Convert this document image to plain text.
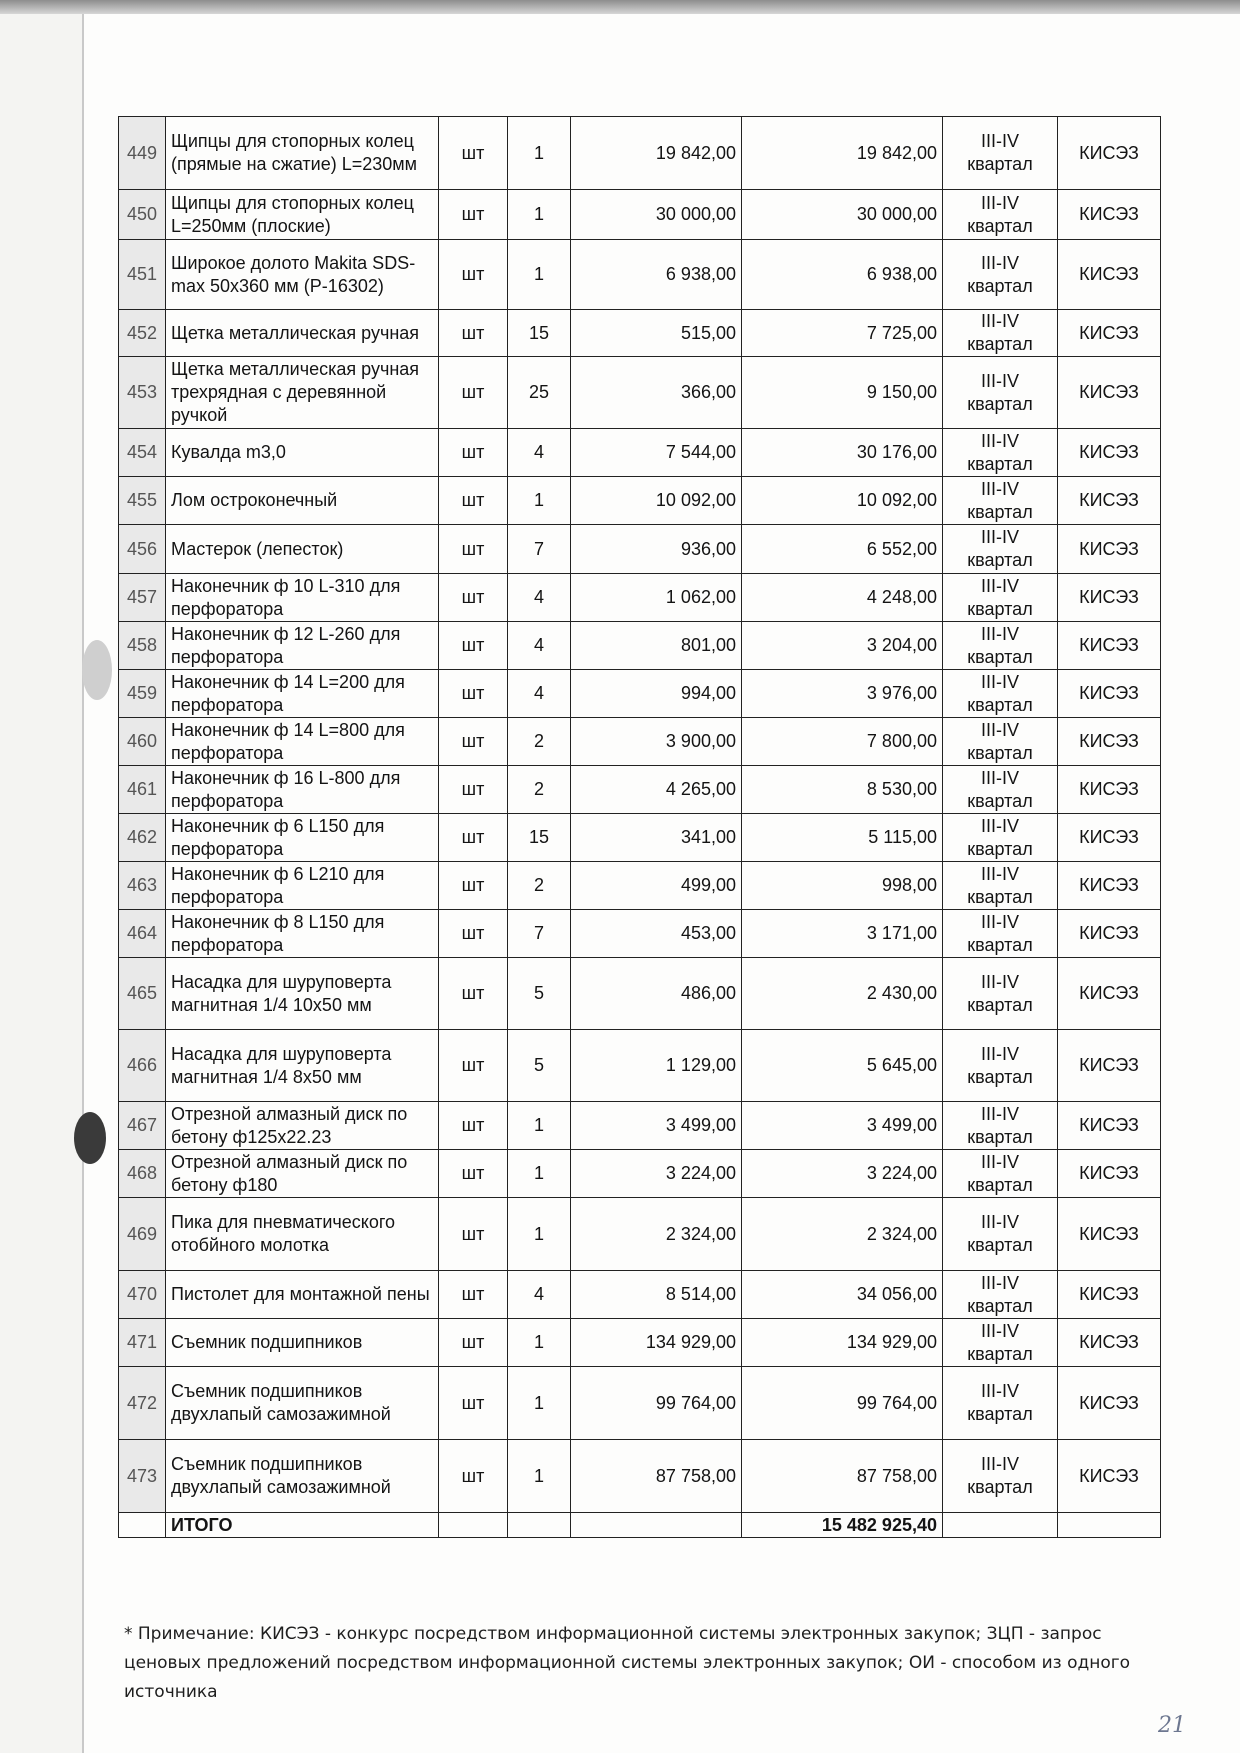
449	Щипцы для стопорных колец (прямые на сжатие) L=230мм	шт	1	19 842,00	19 842,00	III-IV квартал	КИСЭЗ
450	Щипцы для стопорных колец L=250мм (плоские)	шт	1	30 000,00	30 000,00	III-IV квартал	КИСЭЗ
451	Широкое долото Makita SDS-max 50x360 мм (P-16302)	шт	1	6 938,00	6 938,00	III-IV квартал	КИСЭЗ
452	Щетка металлическая ручная	шт	15	515,00	7 725,00	III-IV квартал	КИСЭЗ
453	Щетка металлическая ручная трехрядная с деревянной ручкой	шт	25	366,00	9 150,00	III-IV квартал	КИСЭЗ
454	Кувалда m3,0	шт	4	7 544,00	30 176,00	III-IV квартал	КИСЭЗ
455	Лом остроконечный	шт	1	10 092,00	10 092,00	III-IV квартал	КИСЭЗ
456	Мастерок (лепесток)	шт	7	936,00	6 552,00	III-IV квартал	КИСЭЗ
457	Наконечник ф 10 L-310 для перфоратора	шт	4	1 062,00	4 248,00	III-IV квартал	КИСЭЗ
458	Наконечник ф 12 L-260 для перфоратора	шт	4	801,00	3 204,00	III-IV квартал	КИСЭЗ
459	Наконечник ф 14 L=200 для перфоратора	шт	4	994,00	3 976,00	III-IV квартал	КИСЭЗ
460	Наконечник ф 14 L=800 для перфоратора	шт	2	3 900,00	7 800,00	III-IV квартал	КИСЭЗ
461	Наконечник ф 16 L-800 для перфоратора	шт	2	4 265,00	8 530,00	III-IV квартал	КИСЭЗ
462	Наконечник ф 6 L150 для перфоратора	шт	15	341,00	5 115,00	III-IV квартал	КИСЭЗ
463	Наконечник ф 6 L210 для перфоратора	шт	2	499,00	998,00	III-IV квартал	КИСЭЗ
464	Наконечник ф 8 L150 для перфоратора	шт	7	453,00	3 171,00	III-IV квартал	КИСЭЗ
465	Насадка для шуруповерта магнитная 1/4 10x50 мм	шт	5	486,00	2 430,00	III-IV квартал	КИСЭЗ
466	Насадка для шуруповерта магнитная 1/4 8x50 мм	шт	5	1 129,00	5 645,00	III-IV квартал	КИСЭЗ
467	Отрезной алмазный диск по бетону ф125x22.23	шт	1	3 499,00	3 499,00	III-IV квартал	КИСЭЗ
468	Отрезной алмазный диск по бетону ф180	шт	1	3 224,00	3 224,00	III-IV квартал	КИСЭЗ
469	Пика для пневматического отобйного молотка	шт	1	2 324,00	2 324,00	III-IV квартал	КИСЭЗ
470	Пистолет для монтажной пены	шт	4	8 514,00	34 056,00	III-IV квартал	КИСЭЗ
471	Съемник подшипников	шт	1	134 929,00	134 929,00	III-IV квартал	КИСЭЗ
472	Съемник подшипников двухлапый самозажимной	шт	1	99 764,00	99 764,00	III-IV квартал	КИСЭЗ
473	Съемник подшипников двухлапый самозажимной	шт	1	87 758,00	87 758,00	III-IV квартал	КИСЭЗ
	ИТОГО				15 482 925,40		
* Примечание: КИСЭЗ - конкурс посредством информационной системы электронных закупок; ЗЦП - запрос ценовых предложений посредством информационной системы электронных закупок; ОИ - способом из одного источника
21
